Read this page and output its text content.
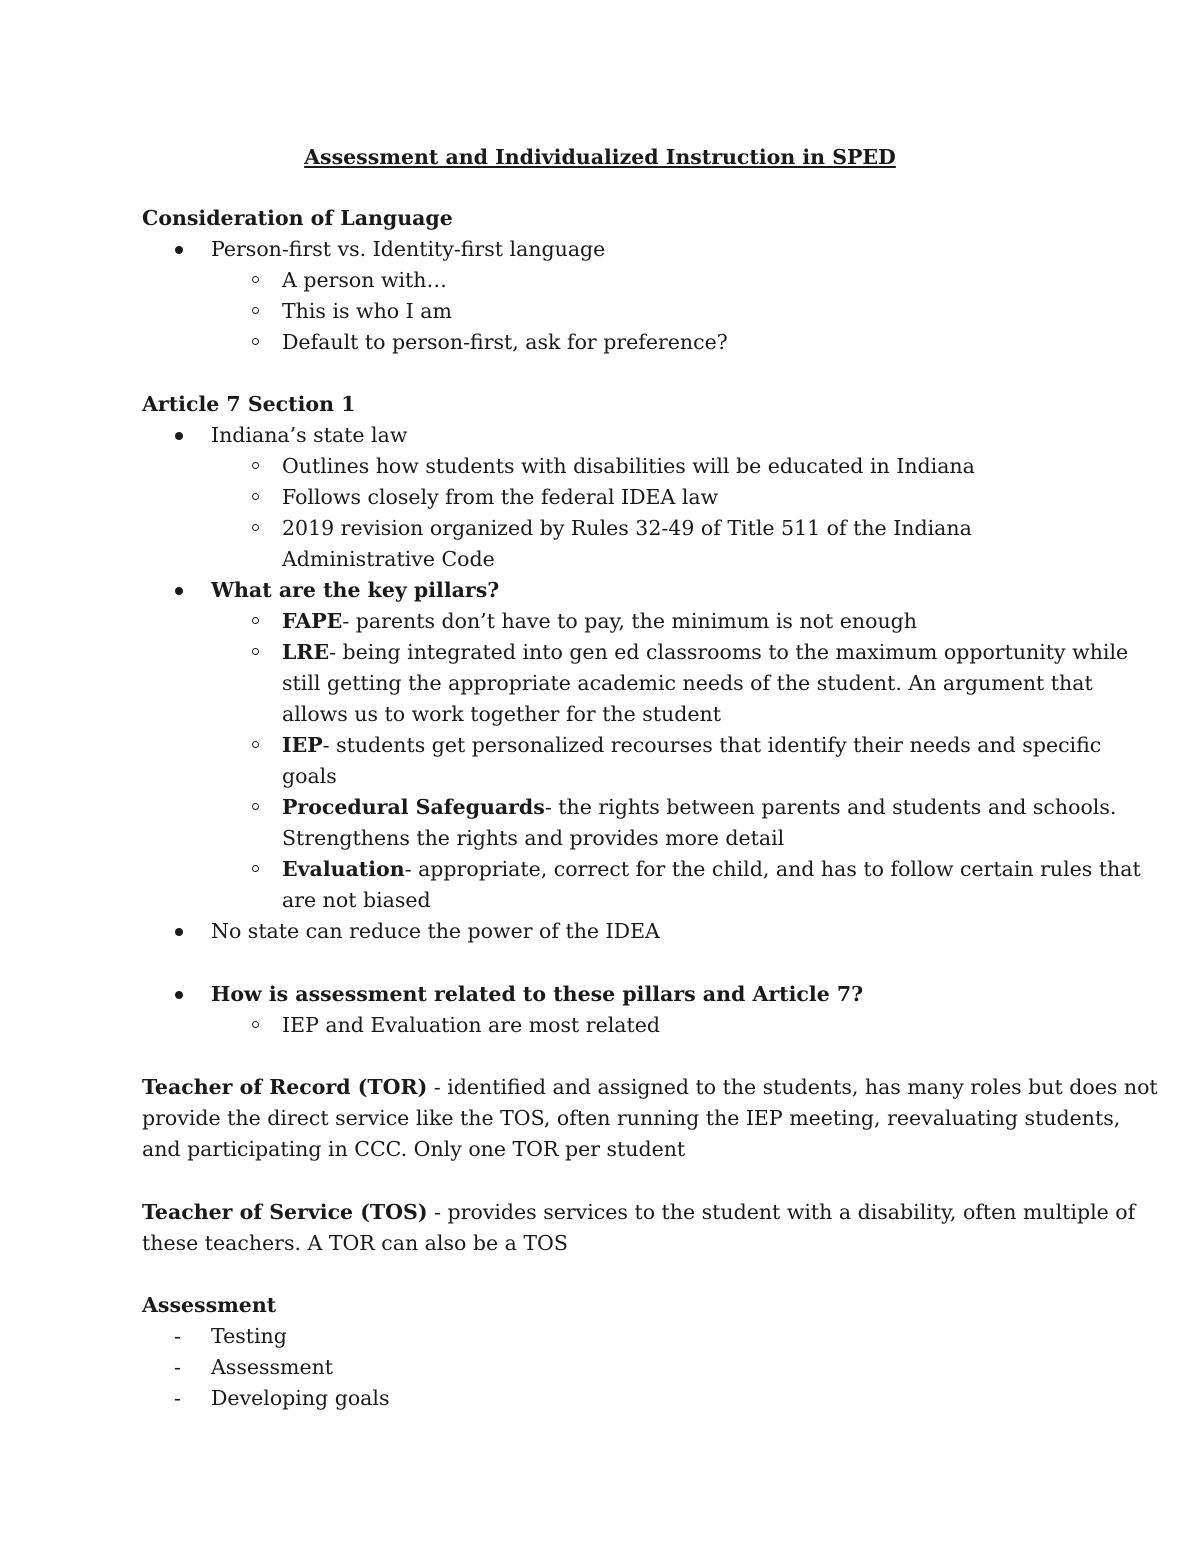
Assessment and Individualized Instruction in SPED
Consideration of Language
Person-first vs. Identity-first language
A person with…
This is who I am
Default to person-first, ask for preference?
Article 7 Section 1
Indiana’s state law
Outlines how students with disabilities will be educated in Indiana
Follows closely from the federal IDEA law
2019 revision organized by Rules 32-49 of Title 511 of the Indiana
Administrative Code
What are the key pillars?
FAPE- parents don’t have to pay, the minimum is not enough
LRE- being integrated into gen ed classrooms to the maximum opportunity while
still getting the appropriate academic needs of the student. An argument that
allows us to work together for the student
IEP- students get personalized recourses that identify their needs and specific
goals
Procedural Safeguards- the rights between parents and students and schools.
Strengthens the rights and provides more detail
Evaluation- appropriate, correct for the child, and has to follow certain rules that
are not biased
No state can reduce the power of the IDEA
How is assessment related to these pillars and Article 7?
IEP and Evaluation are most related
Teacher of Record (TOR) - identified and assigned to the students, has many roles but does not
provide the direct service like the TOS, often running the IEP meeting, reevaluating students,
and participating in CCC. Only one TOR per student
Teacher of Service (TOS) - provides services to the student with a disability, often multiple of
these teachers. A TOR can also be a TOS
Assessment
- Testing
- Assessment
- Developing goals
